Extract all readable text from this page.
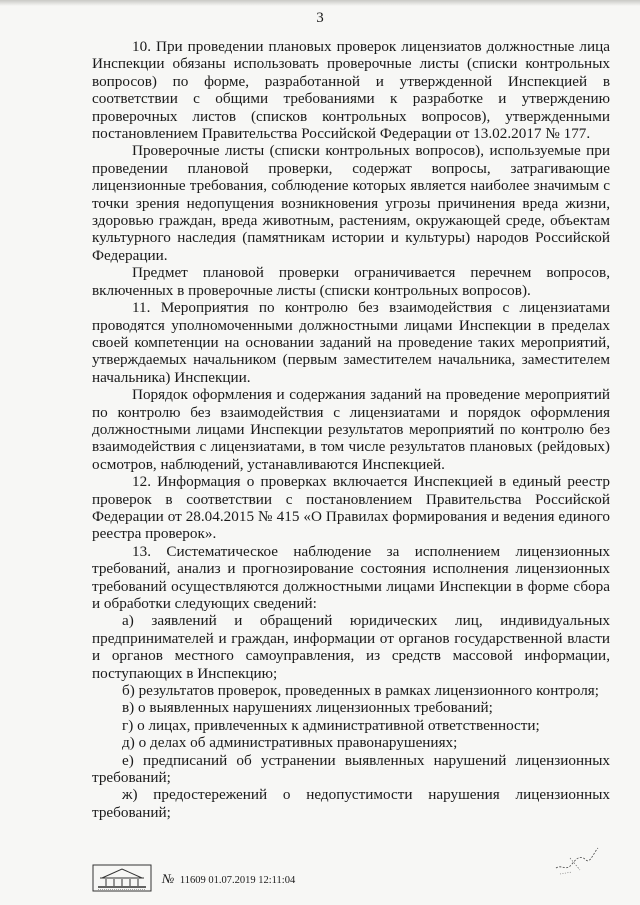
3

10. При проведении плановых проверок лицензиатов должностные лица Инспекции обязаны использовать проверочные листы (списки контрольных вопросов) по форме, разработанной и утвержденной Инспекцией в соответствии с общими требованиями к разработке и утверждению проверочных листов (списков контрольных вопросов), утвержденными постановлением Правительства Российской Федерации от 13.02.2017 № 177.

Проверочные листы (списки контрольных вопросов), используемые при проведении плановой проверки, содержат вопросы, затрагивающие лицензионные требования, соблюдение которых является наиболее значимым с точки зрения недопущения возникновения угрозы причинения вреда жизни, здоровью граждан, вреда животным, растениям, окружающей среде, объектам культурного наследия (памятникам истории и культуры) народов Российской Федерации.

Предмет плановой проверки ограничивается перечнем вопросов, включенных в проверочные листы (списки контрольных вопросов).

11. Мероприятия по контролю без взаимодействия с лицензиатами проводятся уполномоченными должностными лицами Инспекции в пределах своей компетенции на основании заданий на проведение таких мероприятий, утверждаемых начальником (первым заместителем начальника, заместителем начальника) Инспекции.

Порядок оформления и содержания заданий на проведение мероприятий по контролю без взаимодействия с лицензиатами и порядок оформления должностными лицами Инспекции результатов мероприятий по контролю без взаимодействия с лицензиатами, в том числе результатов плановых (рейдовых) осмотров, наблюдений, устанавливаются Инспекцией.

12. Информация о проверках включается Инспекцией в единый реестр проверок в соответствии с постановлением Правительства Российской Федерации от 28.04.2015 № 415 «О Правилах формирования и ведения единого реестра проверок».

13. Систематическое наблюдение за исполнением лицензионных требований, анализ и прогнозирование состояния исполнения лицензионных требований осуществляются должностными лицами Инспекции в форме сбора и обработки следующих сведений:

а) заявлений и обращений юридических лиц, индивидуальных предпринимателей и граждан, информации от органов государственной власти и органов местного самоуправления, из средств массовой информации, поступающих в Инспекцию;

б) результатов проверок, проведенных в рамках лицензионного контроля;

в) о выявленных нарушениях лицензионных требований;

г) о лицах, привлеченных к административной ответственности;

д) о делах об административных правонарушениях;

е) предписаний об устранении выявленных нарушений лицензионных требований;

ж) предостережений о недопустимости нарушения лицензионных требований;

№ 11609 01.07.2019 12:11:04
